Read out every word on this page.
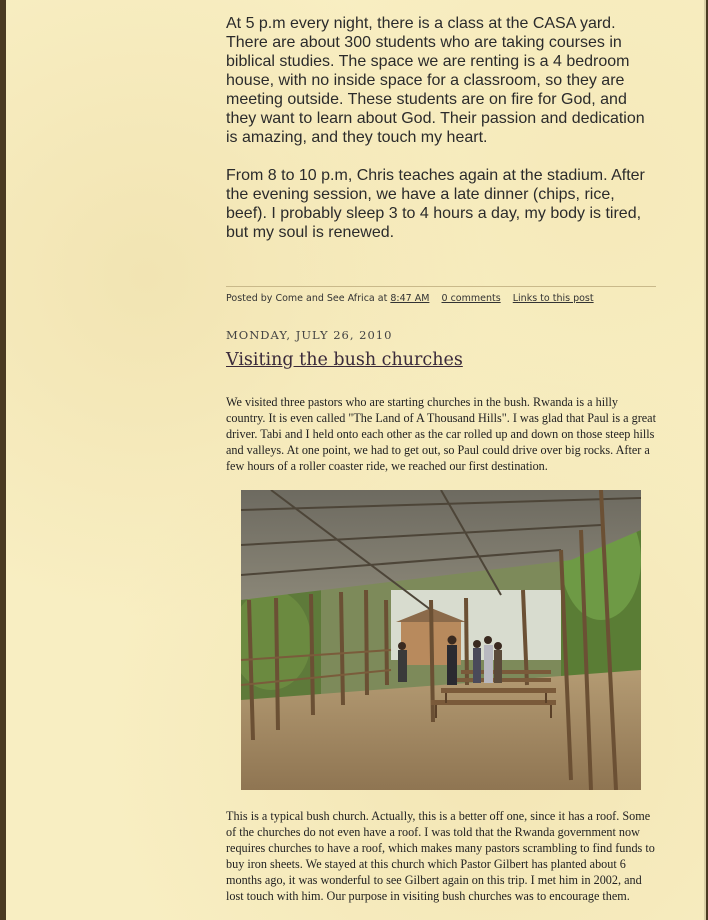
At 5 p.m every night, there is a class at the CASA yard. There are about 300 students who are taking courses in biblical studies. The space we are renting is a 4 bedroom house, with no inside space for a classroom, so they are meeting outside. These students are on fire for God, and they want to learn about God. Their passion and dedication is amazing, and they touch my heart.

From 8 to 10 p.m, Chris teaches again at the stadium. After the evening session, we have a late dinner (chips, rice, beef). I probably sleep 3 to 4 hours a day, my body is tired, but my soul is renewed.

Posted by Come and See Africa at 8:47 AM 0 comments Links to this post
MONDAY, JULY 26, 2010
Visiting the bush churches

We visited three pastors who are starting churches in the bush. Rwanda is a hilly country. It is even called "The Land of A Thousand Hills". I was glad that Paul is a great driver. Tabi and I held onto each other as the car rolled up and down on those steep hills and valleys. At one point, we had to get out, so Paul could drive over big rocks. After a few hours of a roller coaster ride, we reached our first destination.

This is a typical bush church. Actually, this is a better off one, since it has a roof. Some of the churches do not even have a roof. I was told that the Rwanda government now requires churches to have a roof, which makes many pastors scrambling to find funds to buy iron sheets. We stayed at this church which Pastor Gilbert has planted about 6 months ago, it was wonderful to see Gilbert again on this trip. I met him in 2002, and lost touch with him. Our purpose in visiting bush churches was to encourage them.
